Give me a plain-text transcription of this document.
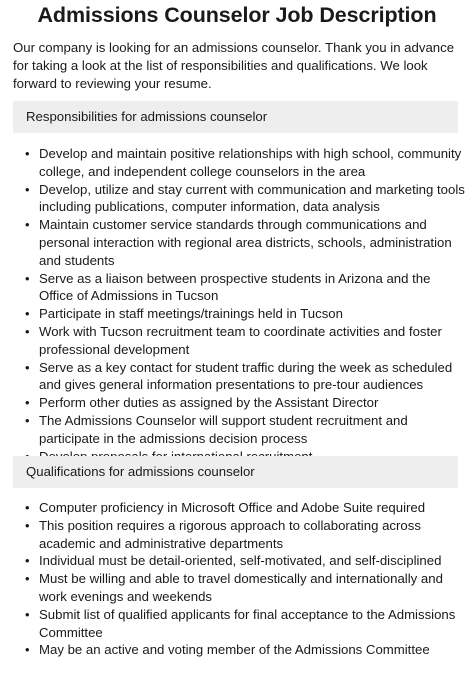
Admissions Counselor Job Description
Our company is looking for an admissions counselor. Thank you in advance for taking a look at the list of responsibilities and qualifications. We look forward to reviewing your resume.
Responsibilities for admissions counselor
• Develop and maintain positive relationships with high school, community college, and independent college counselors in the area
• Develop, utilize and stay current with communication and marketing tools including publications, computer information, data analysis
• Maintain customer service standards through communications and personal interaction with regional area districts, schools, administration and students
• Serve as a liaison between prospective students in Arizona and the Office of Admissions in Tucson
• Participate in staff meetings/trainings held in Tucson
• Work with Tucson recruitment team to coordinate activities and foster professional development
• Serve as a key contact for student traffic during the week as scheduled and gives general information presentations to pre-tour audiences
• Perform other duties as assigned by the Assistant Director
• The Admissions Counselor will support student recruitment and participate in the admissions decision process
Qualifications for admissions counselor
• Computer proficiency in Microsoft Office and Adobe Suite required
• This position requires a rigorous approach to collaborating across academic and administrative departments
• Individual must be detail-oriented, self-motivated, and self-disciplined
• Must be willing and able to travel domestically and internationally and work evenings and weekends
• Submit list of qualified applicants for final acceptance to the Admissions Committee
• May be an active and voting member of the Admissions Committee
